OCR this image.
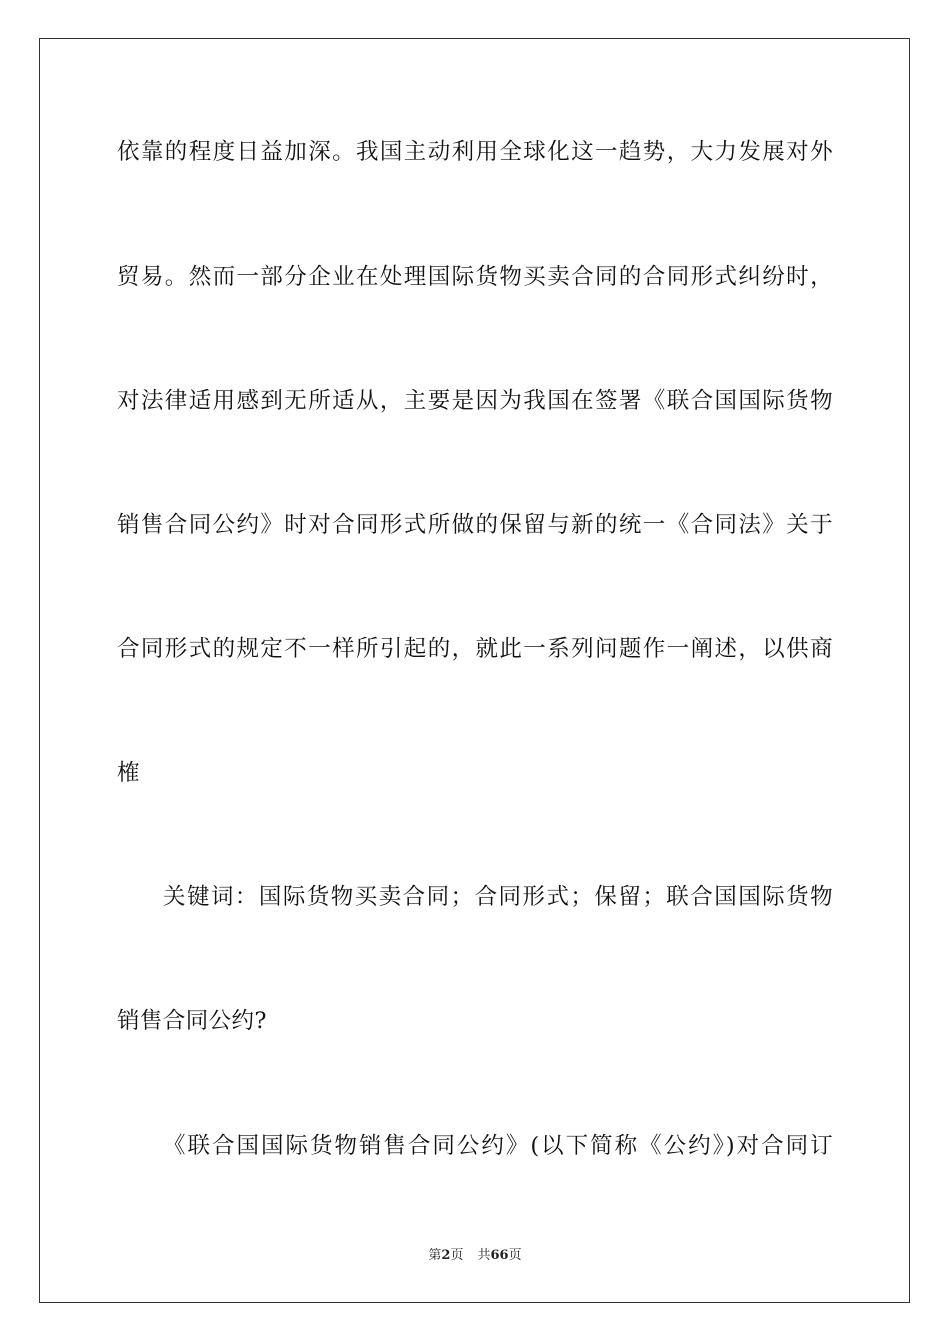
依靠的程度日益加深。我国主动利用全球化这一趋势，大力发展对外
贸易。然而一部分企业在处理国际货物买卖合同的合同形式纠纷时，
对法律适用感到无所适从，主要是因为我国在签署《联合国国际货物
销售合同公约》时对合同形式所做的保留与新的统一《合同法》关于
合同形式的规定不一样所引起的，就此一系列问题作一阐述，以供商
榷
关键词：国际货物买卖合同；合同形式；保留；联合国国际货物
销售合同公约?
《联合国国际货物销售合同公约》(以下简称《公约》)对合同订
第2页 共66页
